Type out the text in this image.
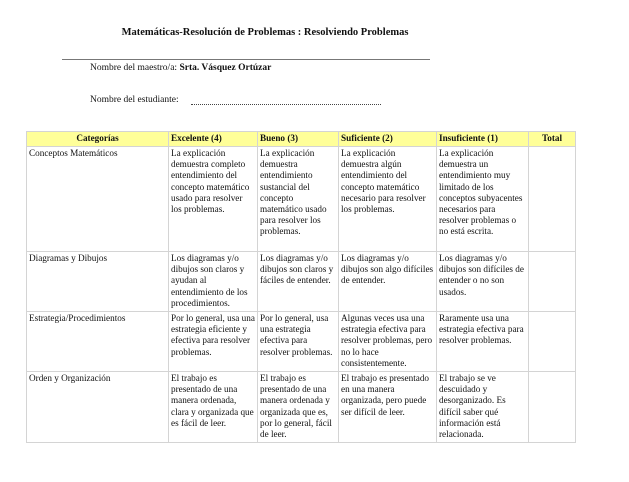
Matemáticas-Resolución de Problemas : Resolviendo Problemas
Nombre del maestro/a: Srta. Vásquez Ortúzar
Nombre del estudiante:
Categorías	Excelente (4)	Bueno (3)	Suficiente (2)	Insuficiente (1)	Total
Conceptos Matemáticos	La explicación demuestra completo entendimiento del concepto matemático usado para resolver los problemas.	La explicación demuestra entendimiento sustancial del concepto matemático usado para resolver los problemas.	La explicación demuestra algún entendimiento del concepto matemático necesario para resolver los problemas.	La explicación demuestra un entendimiento muy limitado de los conceptos subyacentes necesarios para resolver problemas o no está escrita.	
Diagramas y Dibujos	Los diagramas y/o dibujos son claros y ayudan al entendimiento de los procedimientos.	Los diagramas y/o dibujos son claros y fáciles de entender.	Los diagramas y/o dibujos son algo difíciles de entender.	Los diagramas y/o dibujos son difíciles de entender o no son usados.	
Estrategia/Procedimientos	Por lo general, usa una estrategia eficiente y efectiva para resolver problemas.	Por lo general, usa una estrategia efectiva para resolver problemas.	Algunas veces usa una estrategia efectiva para resolver problemas, pero no lo hace consistentemente.	Raramente usa una estrategia efectiva para resolver problemas.	
Orden y Organización	El trabajo es presentado de una manera ordenada, clara y organizada que es fácil de leer.	El trabajo es presentado de una manera ordenada y organizada que es, por lo general, fácil de leer.	El trabajo es presentado en una manera organizada, pero puede ser difícil de leer.	El trabajo se ve descuidado y desorganizado. Es difícil saber qué información está relacionada.	
